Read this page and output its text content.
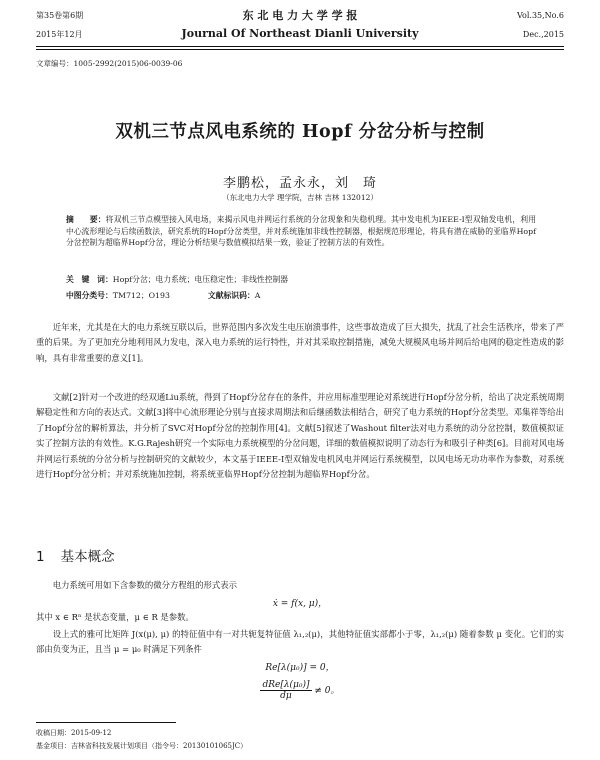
第35卷第6期
2015年12月
东 北 电 力 大 学 学 报
Journal Of Northeast Dianli University
Vol.35,No.6
Dec.,2015
文章编号：1005-2992(2015)06-0039-06
双机三节点风电系统的 Hopf 分岔分析与控制
李鹏松，孟永永，刘　琦
（东北电力大学 理学院，吉林 吉林 132012）
摘　　要：将双机三节点模型接入风电场，来揭示风电并网运行系统的分岔现象和失稳机理。其中发电机为IEEE-I型双轴发电机，利用中心流形理论与后续函数法，研究系统的Hopf分岔类型，并对系统施加非线性控制器，根据规范形理论，将具有潜在威胁的亚临界Hopf分岔控制为超临界Hopf分岔，理论分析结果与数值模拟结果一致，验证了控制方法的有效性。
关　键　词：Hopf分岔；电力系统；电压稳定性；非线性控制器
中图分类号：TM712；O193	文献标识码：A
近年来，尤其是在大的电力系统互联以后，世界范围内多次发生电压崩溃事件，这些事故造成了巨大损失，扰乱了社会生活秩序，带来了严重的后果。为了更加充分地利用风力发电，深入电力系统的运行特性，并对其采取控制措施，减免大规模风电场并网后给电网的稳定性造成的影响，具有非常重要的意义[1]。
文献[2]针对一个改进的经双通Liu系统，得到了Hopf分岔存在的条件，并应用标准型理论对系统进行Hopf分岔分析，给出了决定系统周期解稳定性和方向的表达式。文献[3]将中心流形理论分别与直接求周期法和后继函数法相结合，研究了电力系统的Hopf分岔类型。邓集祥等给出了Hopf分岔的解析算法，并分析了SVC对Hopf分岔的控制作用[4]。文献[5]叙述了Washout filter法对电力系统的动分岔控制，数值模拟证实了控制方法的有效性。K.G.Rajesh研究一个实际电力系统模型的分岔问题，详细的数值模拟说明了动态行为和吸引子种类[6]。目前对风电场并网运行系统的分岔分析与控制研究的文献较少，本文基于IEEE-I型双轴发电机风电并网运行系统模型，以风电场无功功率作为参数，对系统进行Hopf分岔分析；并对系统施加控制，将系统亚临界Hopf分岔控制为超临界Hopf分岔。
1 基本概念
电力系统可用如下含参数的微分方程组的形式表示
ẋ = f(x, μ)，
其中 x ∈ Rⁿ 是状态变量，μ ∈ R 是参数。
设上式的雅可比矩阵 J(x(μ), μ) 的特征值中有一对共轭复特征值 λ₁,₂(μ)，其他特征值实部都小于零，λ₁,₂(μ) 随着参数 μ 变化。它们的实部由负变为正，且当 μ = μ₀ 时满足下列条件
Re[λ(μ₀)] = 0，
$\frac{\text{dRe[λ(μ₀)]}}{d\mu} \ne 0$。
收稿日期：2015-09-12
基金项目：吉林省科技发展计划项目（指令号：20130101065JC）
